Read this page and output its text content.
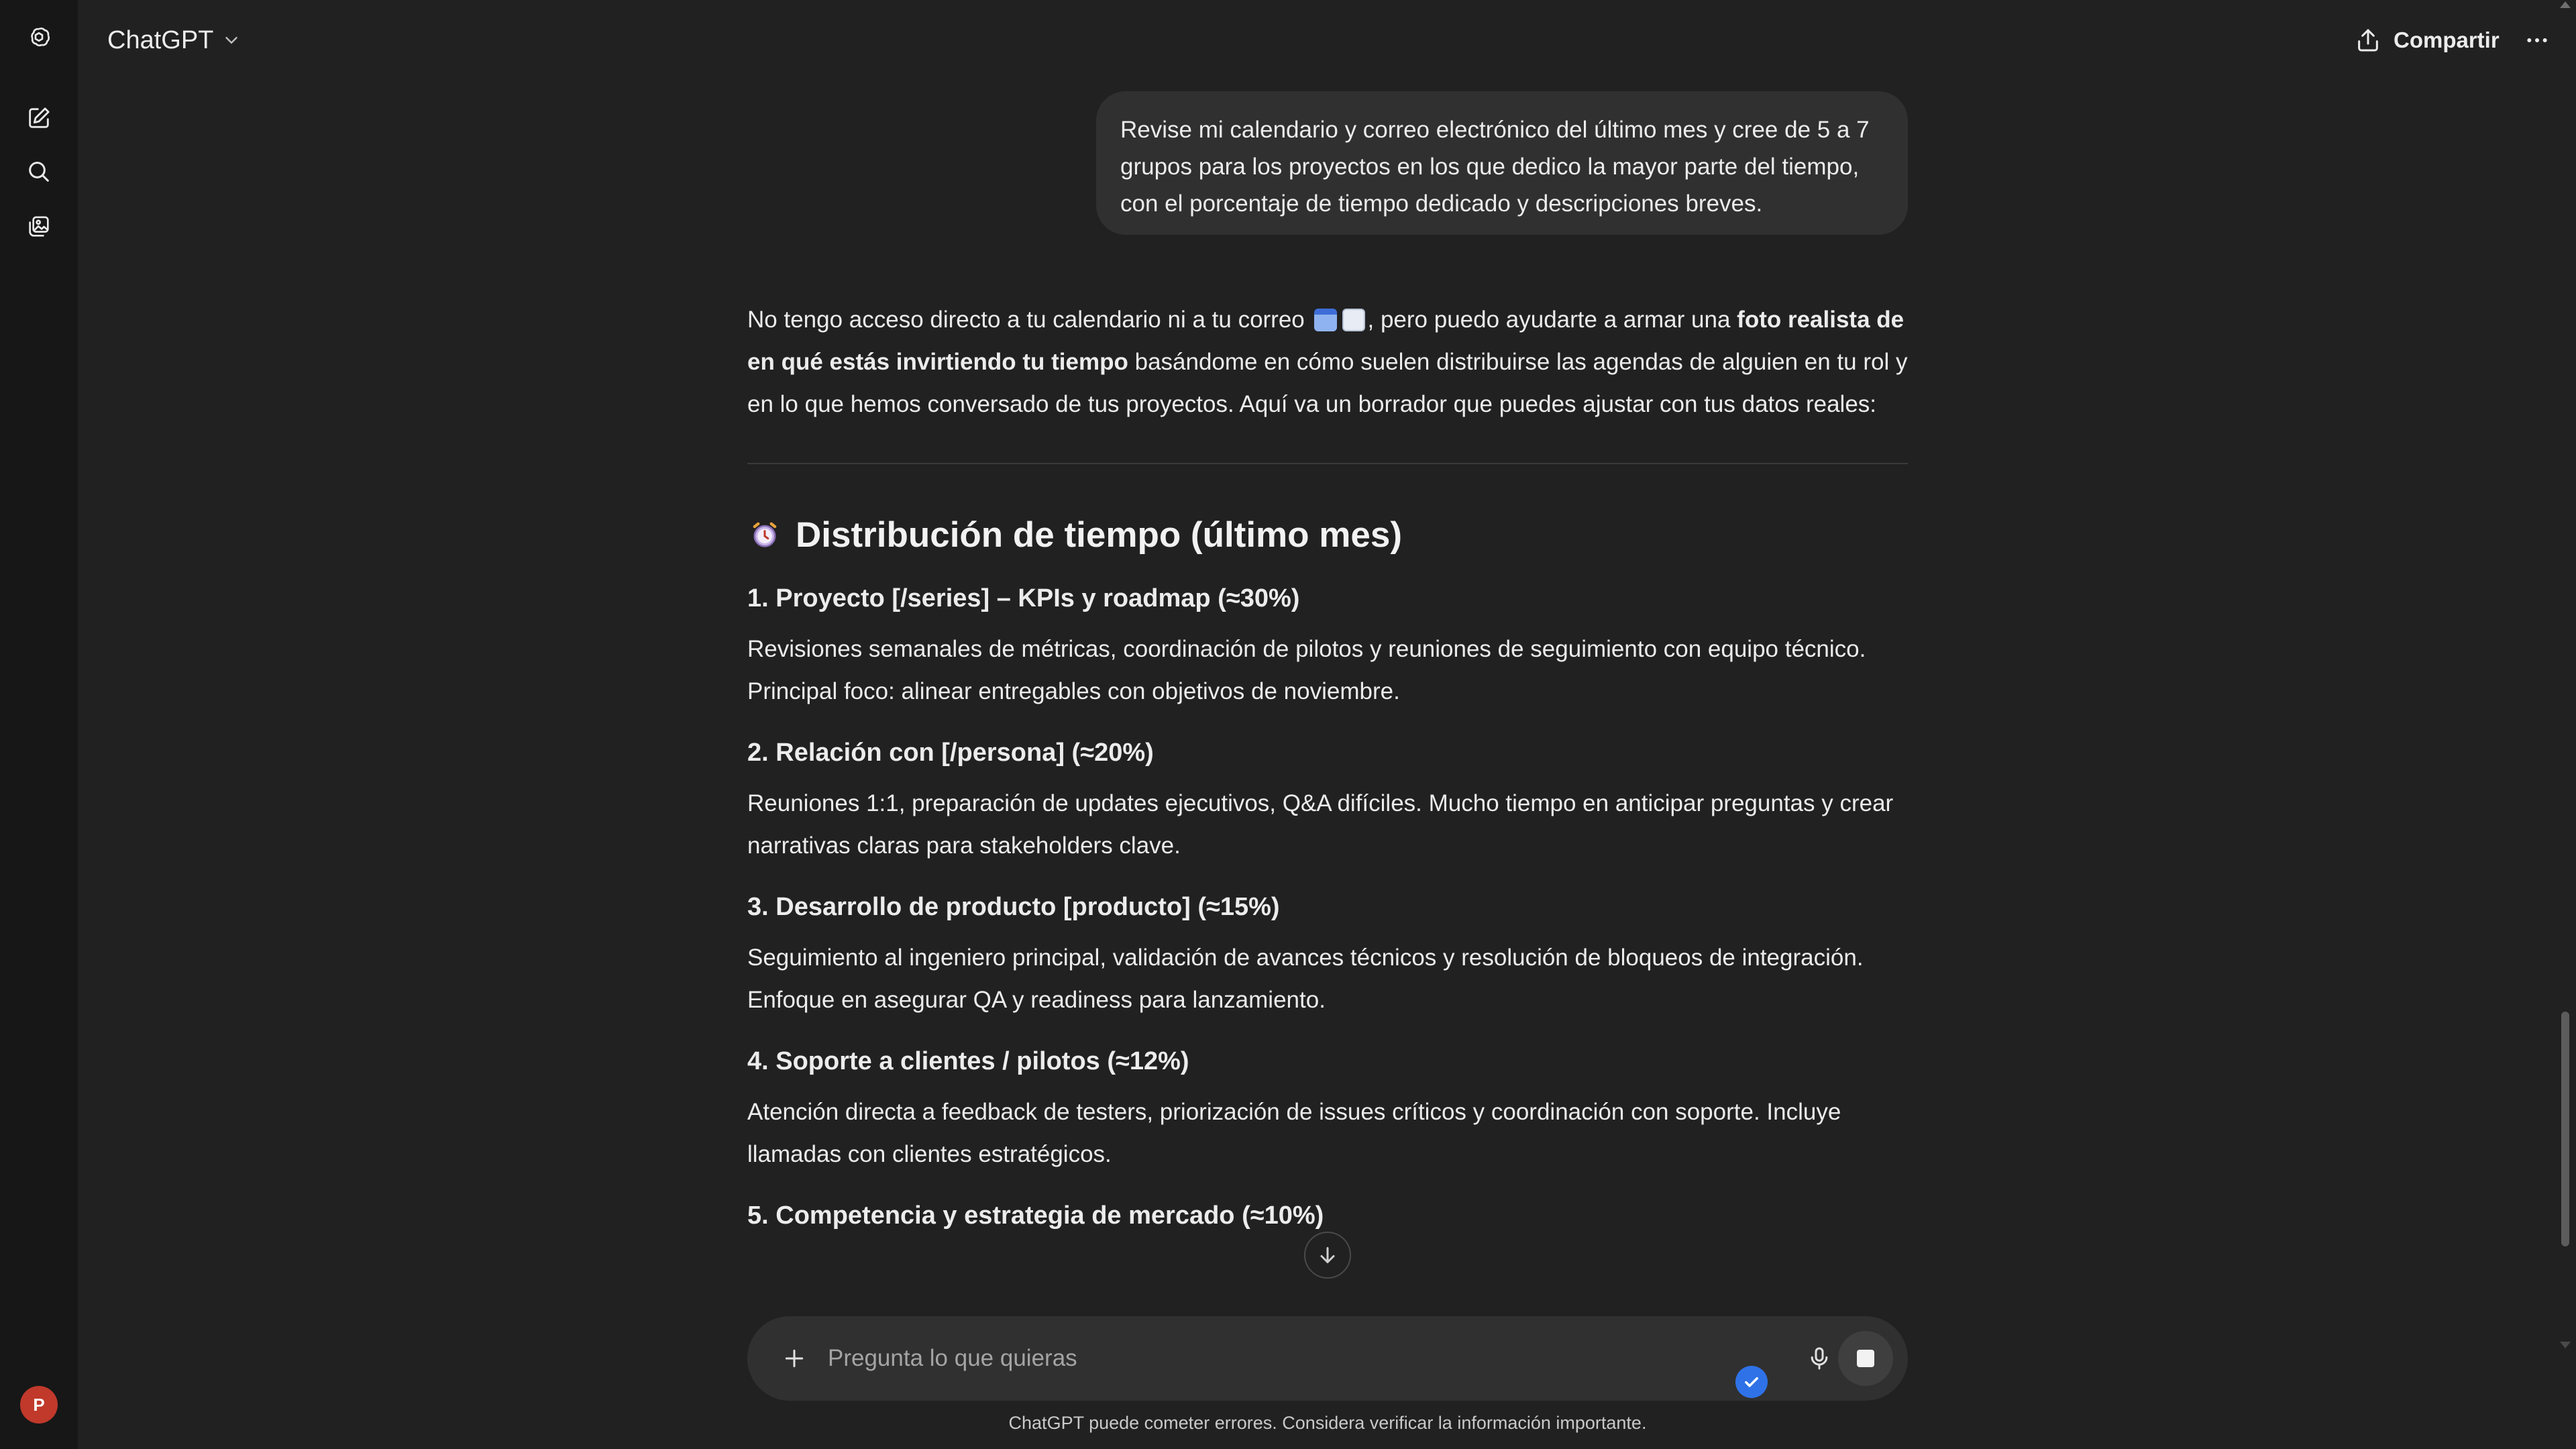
P
ChatGPT	Compartir
Revise mi calendario y correo electrónico del último mes y cree de 5 a 7 grupos para los proyectos en los que dedico la mayor parte del tiempo, con el porcentaje de tiempo dedicado y descripciones breves.

No tengo acceso directo a tu calendario ni a tu correo	, pero puedo ayudarte a armar una foto realista de en qué estás invirtiendo tu tiempo basándome en cómo suelen distribuirse las agendas de alguien en tu rol y en lo que hemos conversado de tus proyectos. Aquí va un borrador que puedes ajustar con tus datos reales:

Distribución de tiempo (último mes)
1. Proyecto [/series] – KPIs y roadmap (≈30%)

Revisiones semanales de métricas, coordinación de pilotos y reuniones de seguimiento con equipo técnico. Principal foco: alinear entregables con objetivos de noviembre.

2. Relación con [/persona] (≈20%)

Reuniones 1:1, preparación de updates ejecutivos, Q&A difíciles. Mucho tiempo en anticipar preguntas y crear narrativas claras para stakeholders clave.

3. Desarrollo de producto [producto] (≈15%)

Seguimiento al ingeniero principal, validación de avances técnicos y resolución de bloqueos de integración. Enfoque en asegurar QA y readiness para lanzamiento.

4. Soporte a clientes / pilotos (≈12%)

Atención directa a feedback de testers, priorización de issues críticos y coordinación con soporte. Incluye llamadas con clientes estratégicos.

5. Competencia y estrategia de mercado (≈10%)
Pregunta lo que quieras
ChatGPT puede cometer errores. Considera verificar la información importante.
